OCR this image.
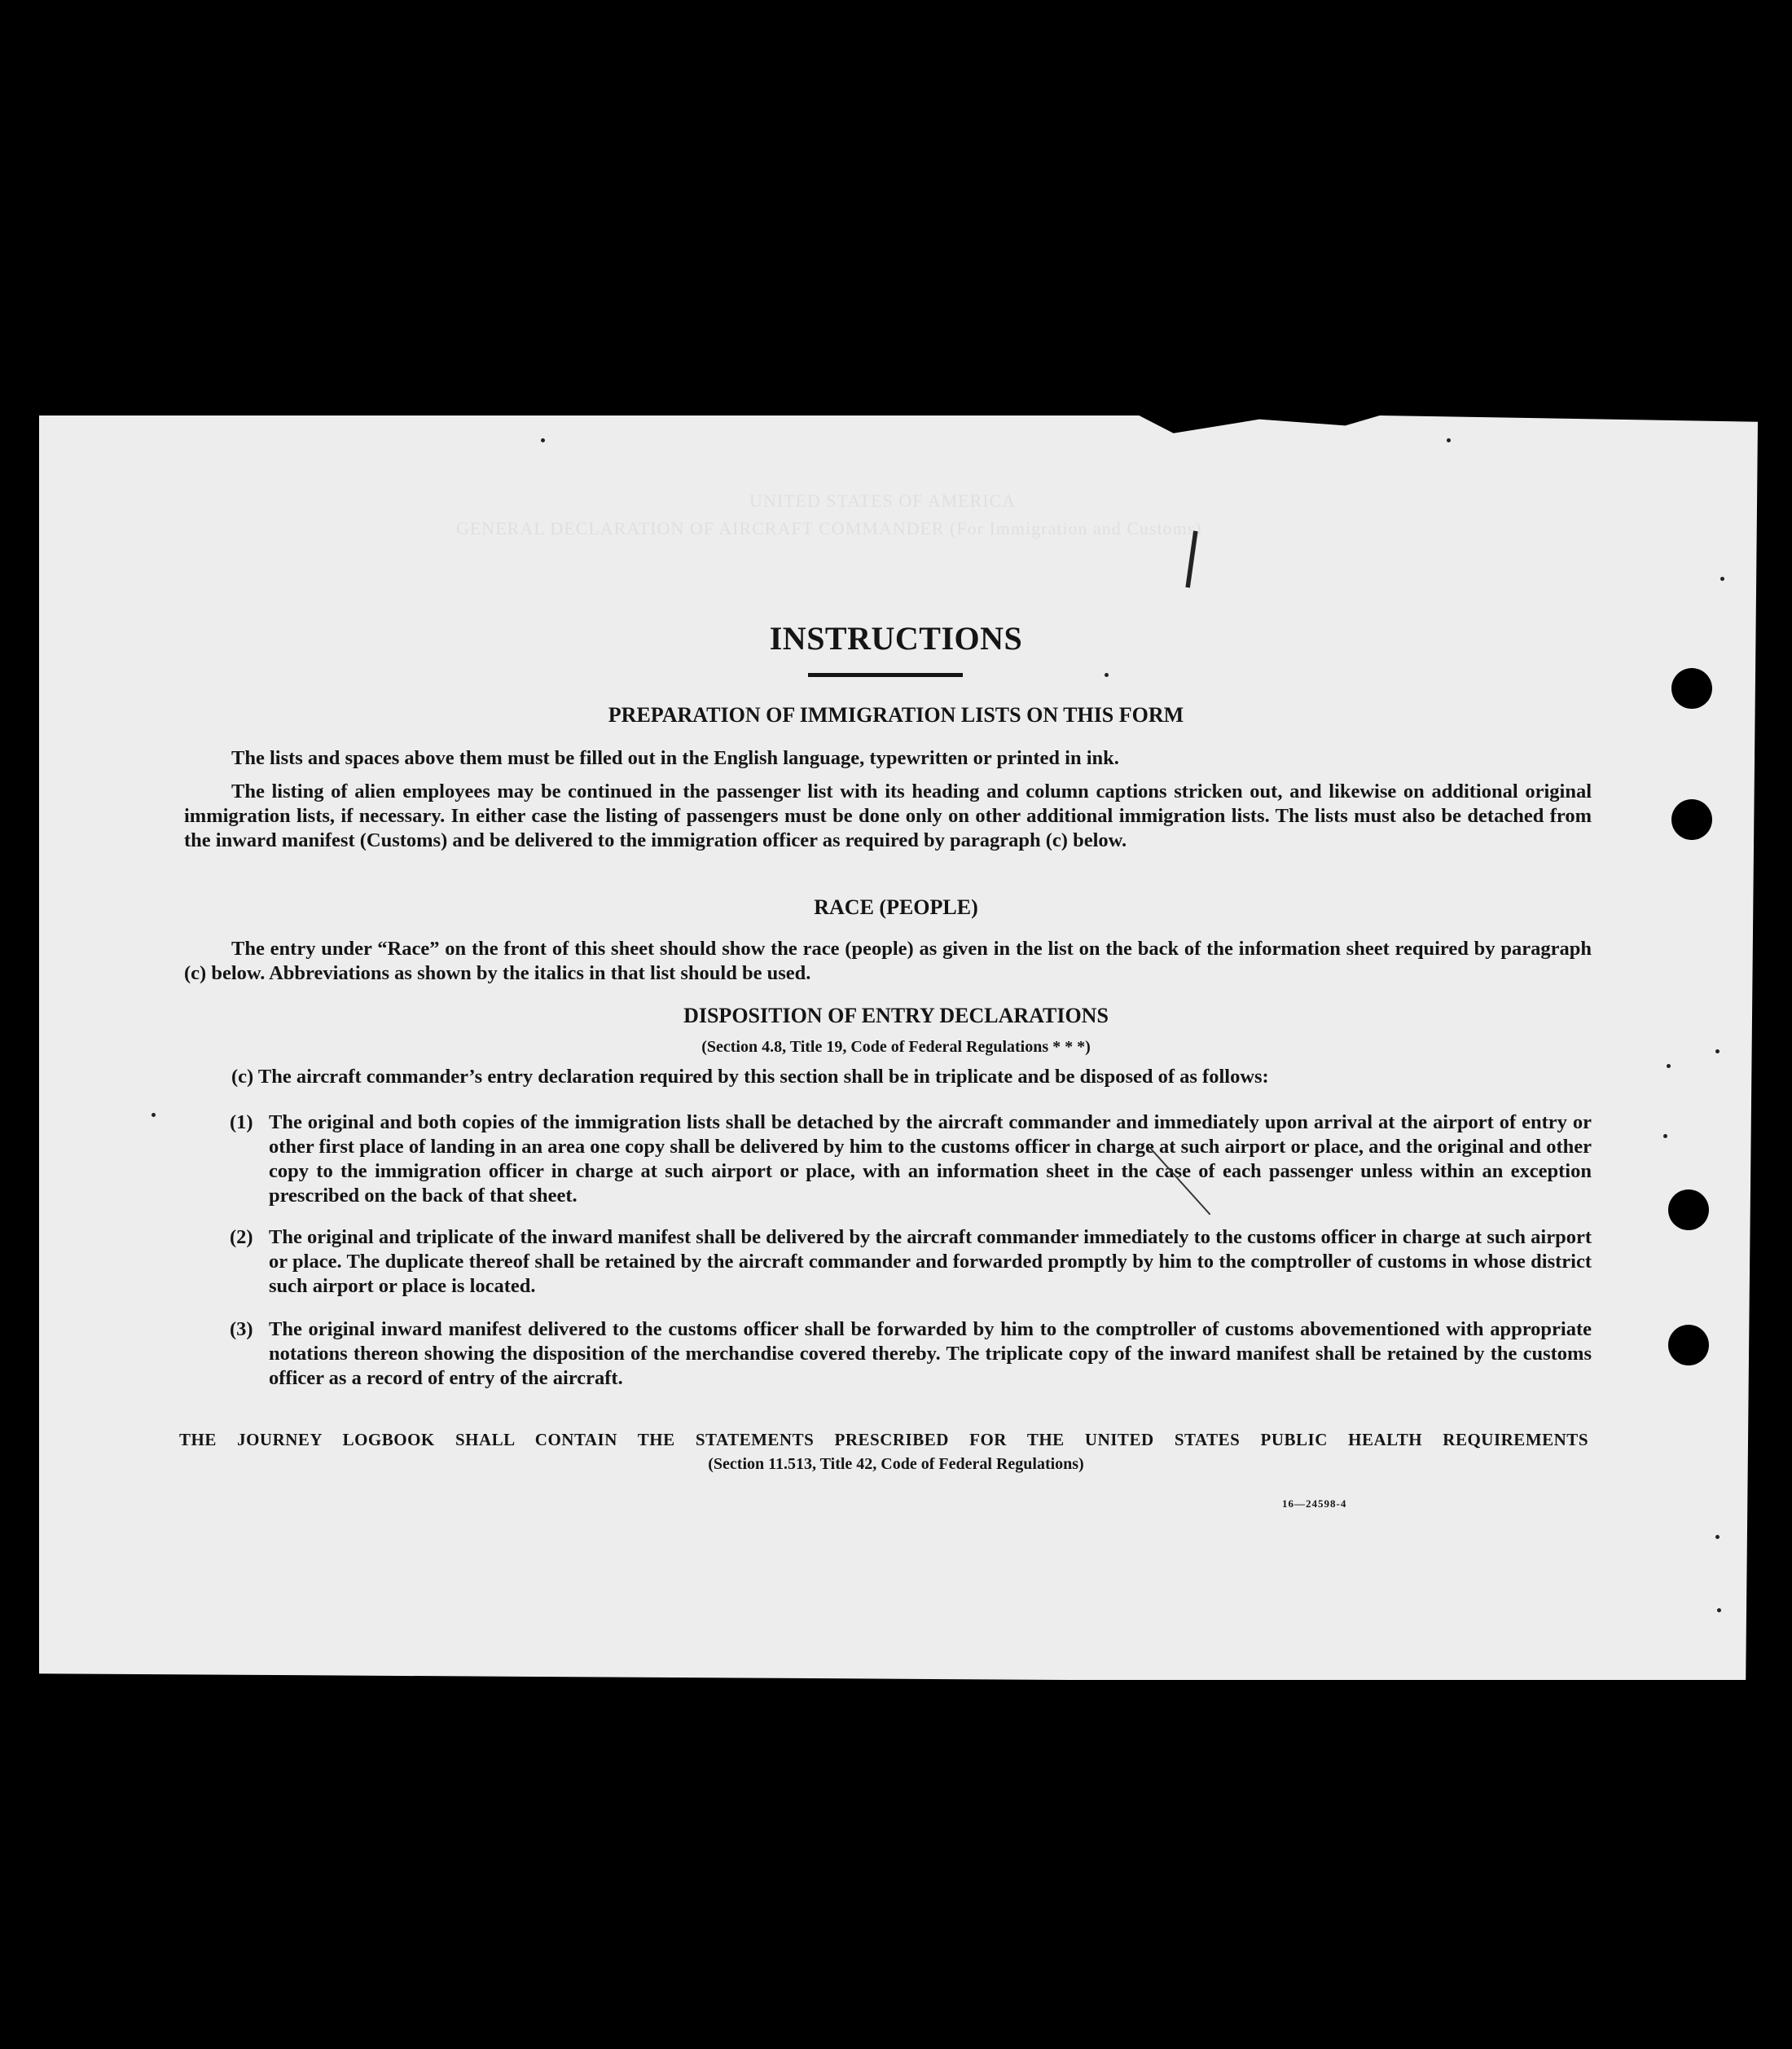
UNITED STATES OF AMERICA
GENERAL DECLARATION OF AIRCRAFT COMMANDER (For Immigration and Customs)
|
INSTRUCTIONS
PREPARATION OF IMMIGRATION LISTS ON THIS FORM
The lists and spaces above them must be filled out in the English language, typewritten or printed in ink.
The listing of alien employees may be continued in the passenger list with its heading and column captions stricken out, and likewise on additional original immigration lists, if necessary. In either case the listing of passengers must be done only on other additional immigration lists. The lists must also be detached from the inward manifest (Customs) and be delivered to the immigration officer as required by paragraph (c) below.
RACE (PEOPLE)
The entry under “Race” on the front of this sheet should show the race (people) as given in the list on the back of the information sheet required by paragraph (c) below. Abbreviations as shown by the italics in that list should be used.
DISPOSITION OF ENTRY DECLARATIONS
(Section 4.8, Title 19, Code of Federal Regulations * * *)
(c) The aircraft commander’s entry declaration required by this section shall be in triplicate and be disposed of as follows:
(1) The original and both copies of the immigration lists shall be detached by the aircraft commander and immediately upon arrival at the airport of entry or other first place of landing in an area one copy shall be delivered by him to the customs officer in charge at such airport or place, and the original and other copy to the immigration officer in charge at such airport or place, with an information sheet in the case of each passenger unless within an exception prescribed on the back of that sheet.
(2) The original and triplicate of the inward manifest shall be delivered by the aircraft commander immediately to the customs officer in charge at such airport or place. The duplicate thereof shall be retained by the aircraft commander and forwarded promptly by him to the comptroller of customs in whose district such airport or place is located.
(3) The original inward manifest delivered to the customs officer shall be forwarded by him to the comptroller of customs abovementioned with appropriate notations thereon showing the disposition of the merchandise covered thereby. The triplicate copy of the inward manifest shall be retained by the customs officer as a record of entry of the aircraft.
THE JOURNEY LOGBOOK SHALL CONTAIN THE STATEMENTS PRESCRIBED FOR THE UNITED STATES PUBLIC HEALTH REQUIREMENTS
(Section 11.513, Title 42, Code of Federal Regulations)
16—24598-4
